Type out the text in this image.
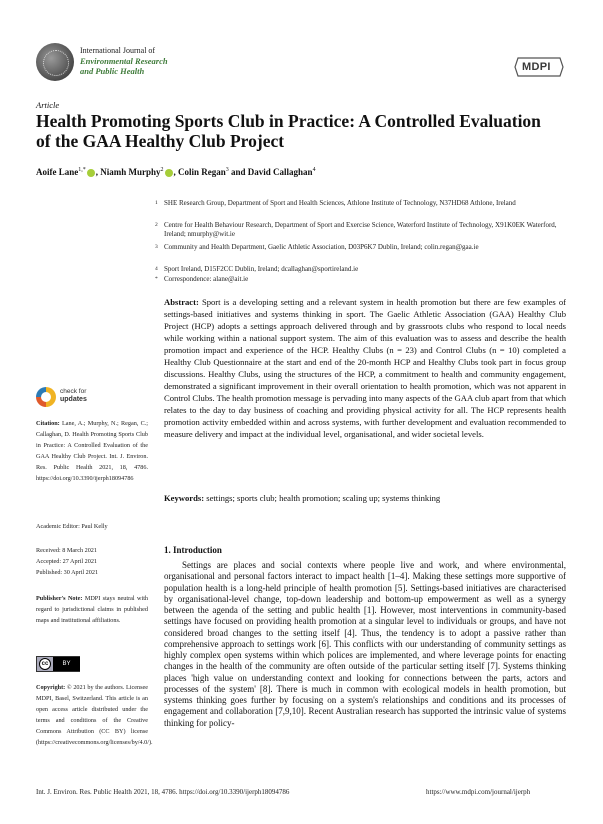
International Journal of
Environmental Research
and Public Health	MDPI
Article
Health Promoting Sports Club in Practice: A Controlled Evaluation of the GAA Healthy Club Project
Aoife Lane$^{1,*}$ , Niamh Murphy$^2$ , Colin Regan$^3$ and David Callaghan$^4$
1 SHE Research Group, Department of Sport and Health Sciences, Athlone Institute of Technology, N37HD68 Athlone, Ireland
2 Centre for Health Behaviour Research, Department of Sport and Exercise Science, Waterford Institute of Technology, X91K0EK Waterford, Ireland; nmurphy@wit.ie
3 Community and Health Department, Gaelic Athletic Association, D03P6K7 Dublin, Ireland; colin.regan@gaa.ie
4 Sport Ireland, D15F2CC Dublin, Ireland; dcallaghan@sportireland.ie
* Correspondence: alane@ait.ie
Abstract: Sport is a developing setting and a relevant system in health promotion but there are few examples of settings-based initiatives and systems thinking in sport. The Gaelic Athletic Association (GAA) Healthy Club Project (HCP) adopts a settings approach delivered through and by grassroots clubs who respond to local needs while working within a national support system. The aim of this evaluation was to assess and describe the health promotion impact and experience of the HCP. Healthy Clubs (n = 23) and Control Clubs (n = 10) completed a Healthy Club Questionnaire at the start and end of the 20-month HCP and Healthy Clubs took part in focus group discussions. Healthy Clubs, using the structures of the HCP, a commitment to health and community engagement, demonstrated a significant improvement in their overall orientation to health promotion, which was not apparent in Control Clubs. The health promotion message is pervading into many aspects of the GAA club apart from that which relates to the day to day business of coaching and providing physical activity for all. The HCP represents health promotion activity embedded within and across systems, with further development and evaluation recommended to measure delivery and impact at the individual level, organisational, and wider societal levels.
Keywords: settings; sports club; health promotion; scaling up; systems thinking
check for
updates
Citation: Lane, A.; Murphy, N.; Regan, C.; Callaghan, D. Health Promoting Sports Club in Practice: A Controlled Evaluation of the GAA Healthy Club Project. Int. J. Environ. Res. Public Health 2021, 18, 4786. https://doi.org/10.3390/ijerph18094786
Academic Editor: Paul Kelly
Received: 8 March 2021
Accepted: 27 April 2021
Published: 30 April 2021
Publisher's Note: MDPI stays neutral with regard to jurisdictional claims in published maps and institutional affiliations.
cc	BY
Copyright: © 2021 by the authors. Licensee MDPI, Basel, Switzerland. This article is an open access article distributed under the terms and conditions of the Creative Commons Attribution (CC BY) license (https://creativecommons.org/licenses/by/4.0/).
1. Introduction
Settings are places and social contexts where people live and work, and where environmental, organisational and personal factors interact to impact health [1–4]. Making these settings more supportive of population health is a long-held principle of health promotion [5]. Settings-based initiatives are characterised by organisational-level change, top-down leadership and bottom-up empowerment as well as a synergy between the agenda of the setting and public health [1]. However, most interventions in community-based settings have focused on providing health promotion at a singular level to individuals or groups, and have not considered broad changes to the setting itself [4]. Thus, the tendency is to adopt a passive rather than comprehensive approach to settings work [6]. This conflicts with our understanding of community settings as highly complex open systems within which polices are implemented, and where leverage points for enacting changes in the health of the community are often outside of the particular setting itself [7]. Systems thinking places 'high value on understanding context and looking for connections between the parts, actors and processes of the system' [8]. There is much in common with ecological models in health promotion, but systems thinking goes further by focusing on a system's relationships and conditions and its processes of engagement and collaboration [7,9,10]. Recent Australian research has supported the intrinsic value of systems thinking for policy-
Int. J. Environ. Res. Public Health 2021, 18, 4786. https://doi.org/10.3390/ijerph18094786	https://www.mdpi.com/journal/ijerph
